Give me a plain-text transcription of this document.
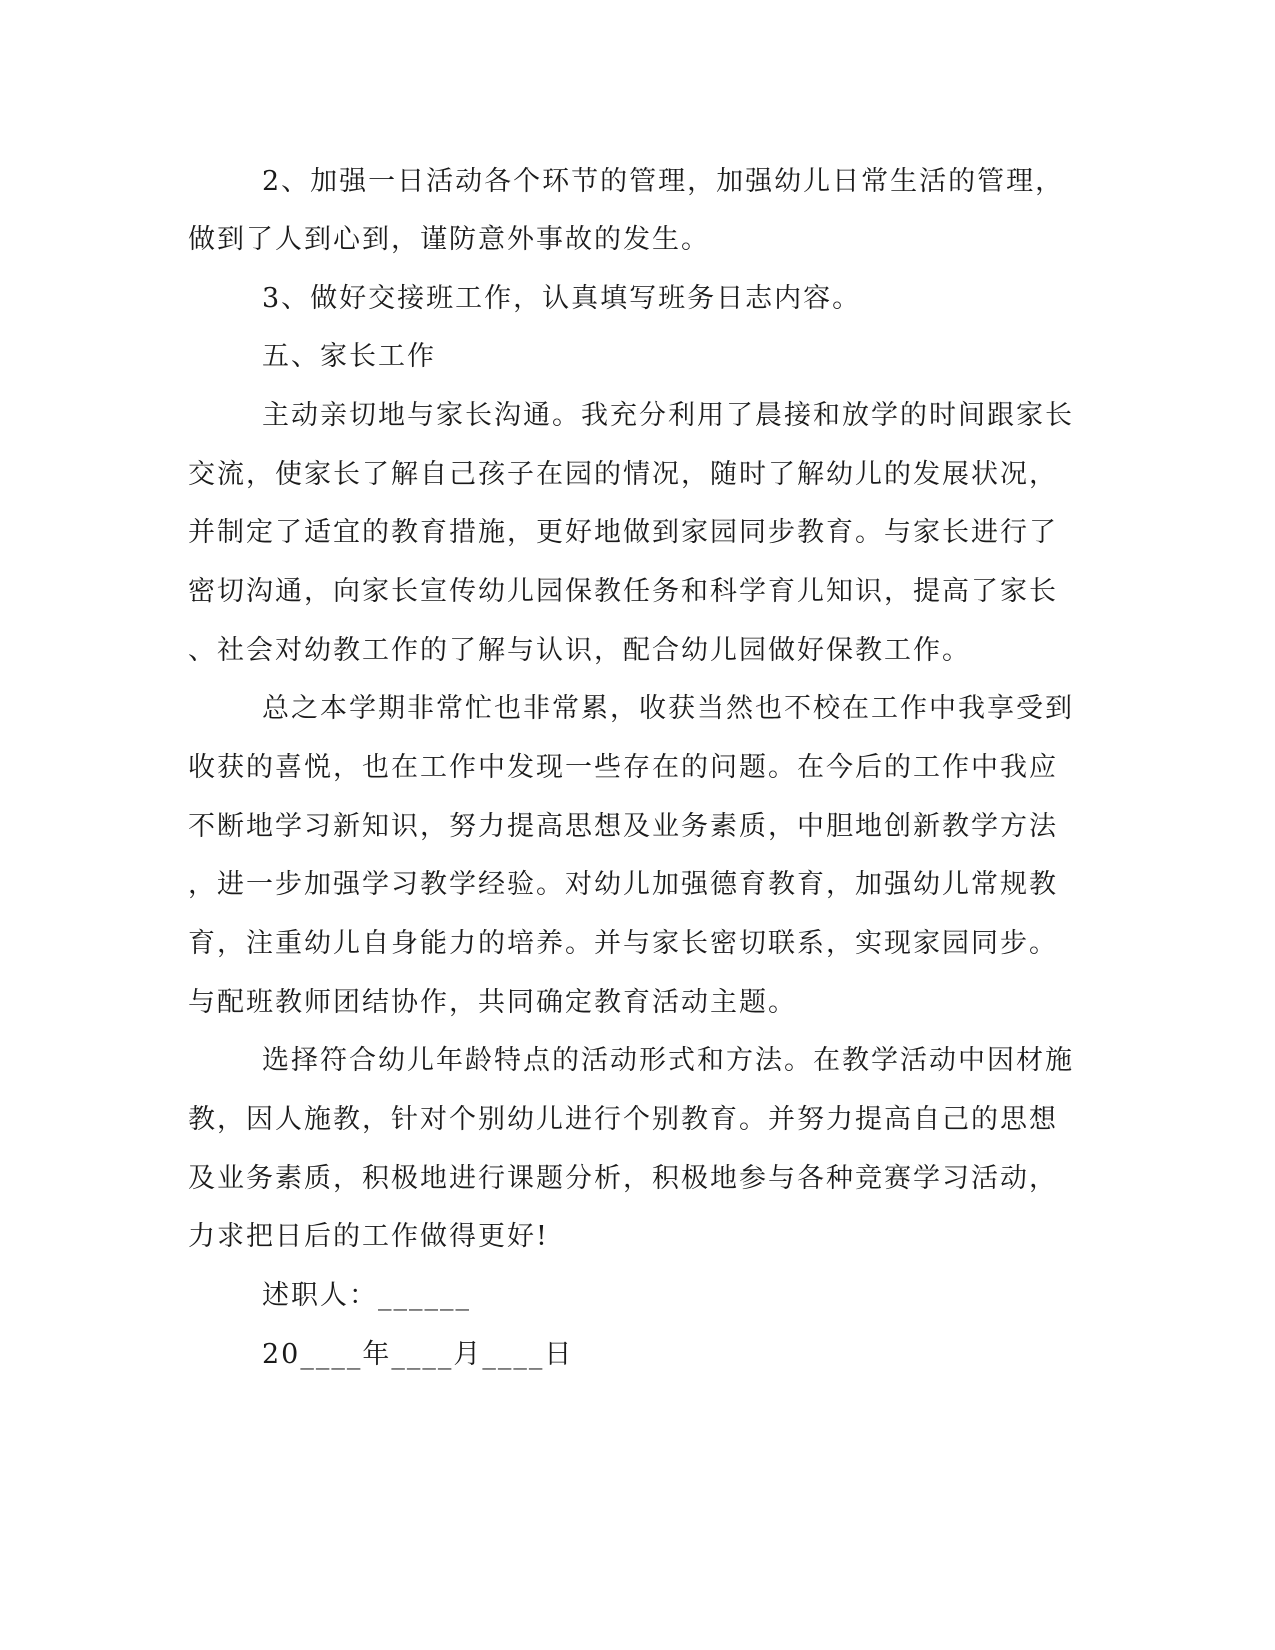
2、加强一日活动各个环节的管理，加强幼儿日常生活的管理，
做到了人到心到，谨防意外事故的发生。
3、做好交接班工作，认真填写班务日志内容。
五、家长工作
主动亲切地与家长沟通。我充分利用了晨接和放学的时间跟家长
交流，使家长了解自己孩子在园的情况，随时了解幼儿的发展状况，
并制定了适宜的教育措施，更好地做到家园同步教育。与家长进行了
密切沟通，向家长宣传幼儿园保教任务和科学育儿知识，提高了家长
、社会对幼教工作的了解与认识，配合幼儿园做好保教工作。
总之本学期非常忙也非常累，收获当然也不校在工作中我享受到
收获的喜悦，也在工作中发现一些存在的问题。在今后的工作中我应
不断地学习新知识，努力提高思想及业务素质，中胆地创新教学方法
，进一步加强学习教学经验。对幼儿加强德育教育，加强幼儿常规教
育，注重幼儿自身能力的培养。并与家长密切联系，实现家园同步。
与配班教师团结协作，共同确定教育活动主题。
选择符合幼儿年龄特点的活动形式和方法。在教学活动中因材施
教，因人施教，针对个别幼儿进行个别教育。并努力提高自己的思想
及业务素质，积极地进行课题分析，积极地参与各种竞赛学习活动，
力求把日后的工作做得更好!
述职人：______
20____年____月____日
